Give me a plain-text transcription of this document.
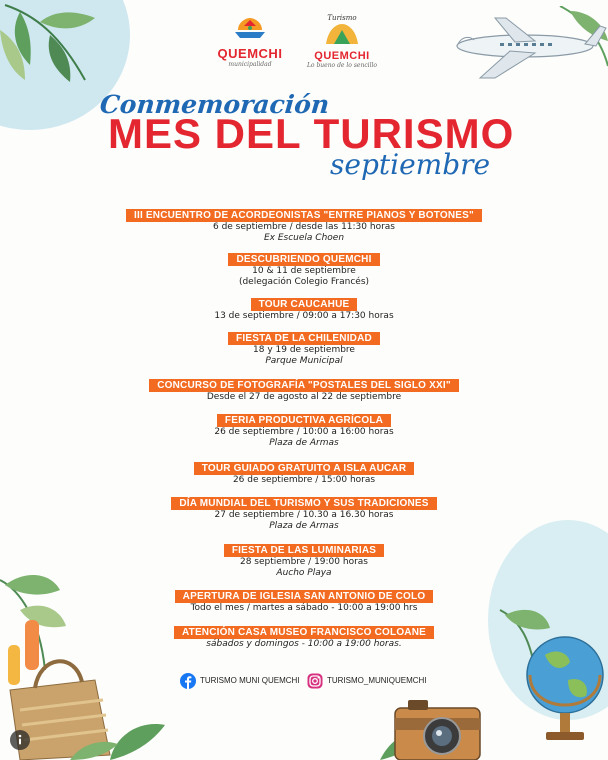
QUEMCHI
municipalidad
Turismo
QUEMCHI
Lo bueno de lo sencillo
Conmemoración
MES DEL TURISMO
septiembre
III ENCUENTRO DE ACORDEONISTAS "ENTRE PIANOS Y BOTONES"
6 de septiembre / desde las 11:30 horas
Ex Escuela Choen
DESCUBRIENDO QUEMCHI
10 & 11 de septiembre
(delegación Colegio Francés)
TOUR CAUCAHUE
13 de septiembre / 09:00 a 17:30 horas
FIESTA DE LA CHILENIDAD
18 y 19 de septiembre
Parque Municipal
CONCURSO DE FOTOGRAFÍA "POSTALES DEL SIGLO XXI"
Desde el 27 de agosto al 22 de septiembre
FERIA PRODUCTIVA AGRÍCOLA
26 de septiembre / 10:00 a 16:00 horas
Plaza de Armas
TOUR GUIADO GRATUITO A ISLA AUCAR
26 de septiembre / 15:00 horas
DÍA MUNDIAL DEL TURISMO Y SUS TRADICIONES
27 de septiembre / 10.30 a 16.30 horas
Plaza de Armas
FIESTA DE LAS LUMINARIAS
28 septiembre / 19:00 horas
Aucho Playa
APERTURA DE IGLESIA SAN ANTONIO DE COLO
Todo el mes / martes a sábado - 10:00 a 19:00 hrs
ATENCIÓN CASA MUSEO FRANCISCO COLOANE
sábados y domingos - 10:00 a 19:00 horas.
TURISMO MUNI QUEMCHI	TURISMO_MUNIQUEMCHI
